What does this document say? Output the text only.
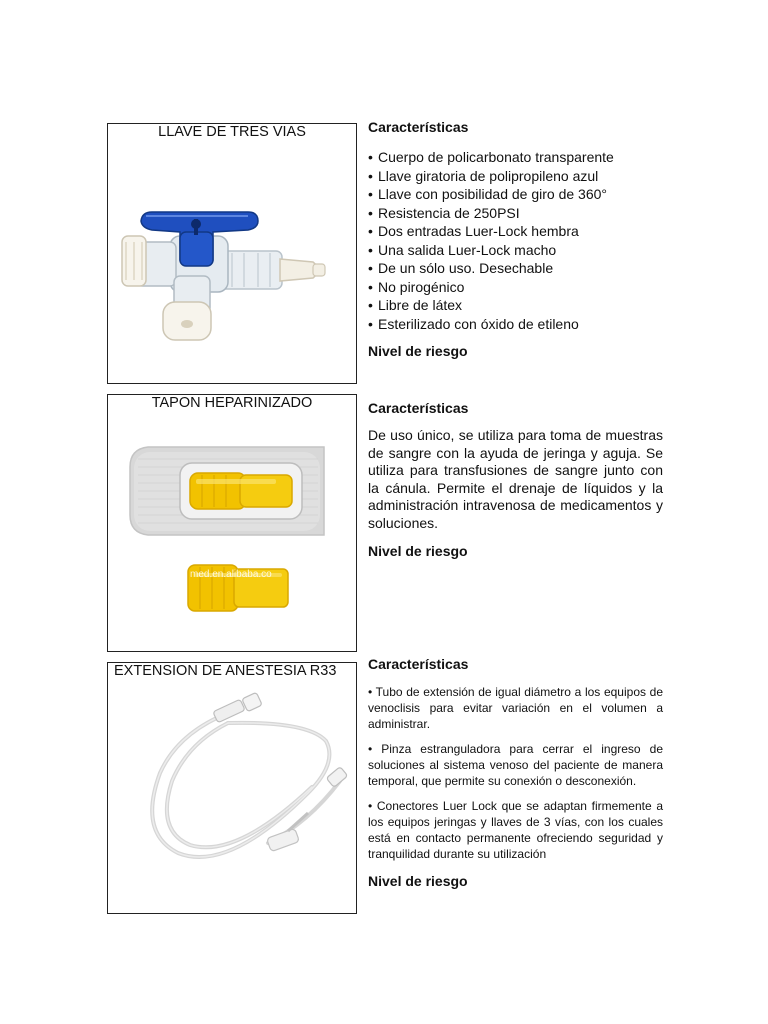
LLAVE DE TRES VIAS	Características
• Cuerpo de policarbonato transparente
• Llave giratoria de polipropileno azul
• Llave con posibilidad de giro de 360°
• Resistencia de 250PSI
• Dos entradas Luer-Lock hembra
• Una salida Luer-Lock macho
• De un sólo uso. Desechable
• No pirogénico
• Libre de látex
• Esterilizado con óxido de etileno

Nivel de riesgo

TAPON HEPARINIZADO
med.en.alibaba.co
Características

De uso único, se utiliza para toma de muestras de sangre con la ayuda de jeringa y aguja. Se utiliza para transfusiones de sangre junto con la cánula. Permite el drenaje de líquidos y la administración intravenosa de medicamentos y soluciones.

Nivel de riesgo

EXTENSION DE ANESTESIA R33	Características

• Tubo de extensión de igual diámetro a los equipos de venoclisis para evitar variación en el volumen a administrar.

• Pinza estranguladora para cerrar el ingreso de soluciones al sistema venoso del paciente de manera temporal, que permite su conexión o desconexión.

• Conectores Luer Lock que se adaptan firmemente a los equipos jeringas y llaves de 3 vías, con los cuales está en contacto permanente ofreciendo seguridad y tranquilidad durante su utilización

Nivel de riesgo
